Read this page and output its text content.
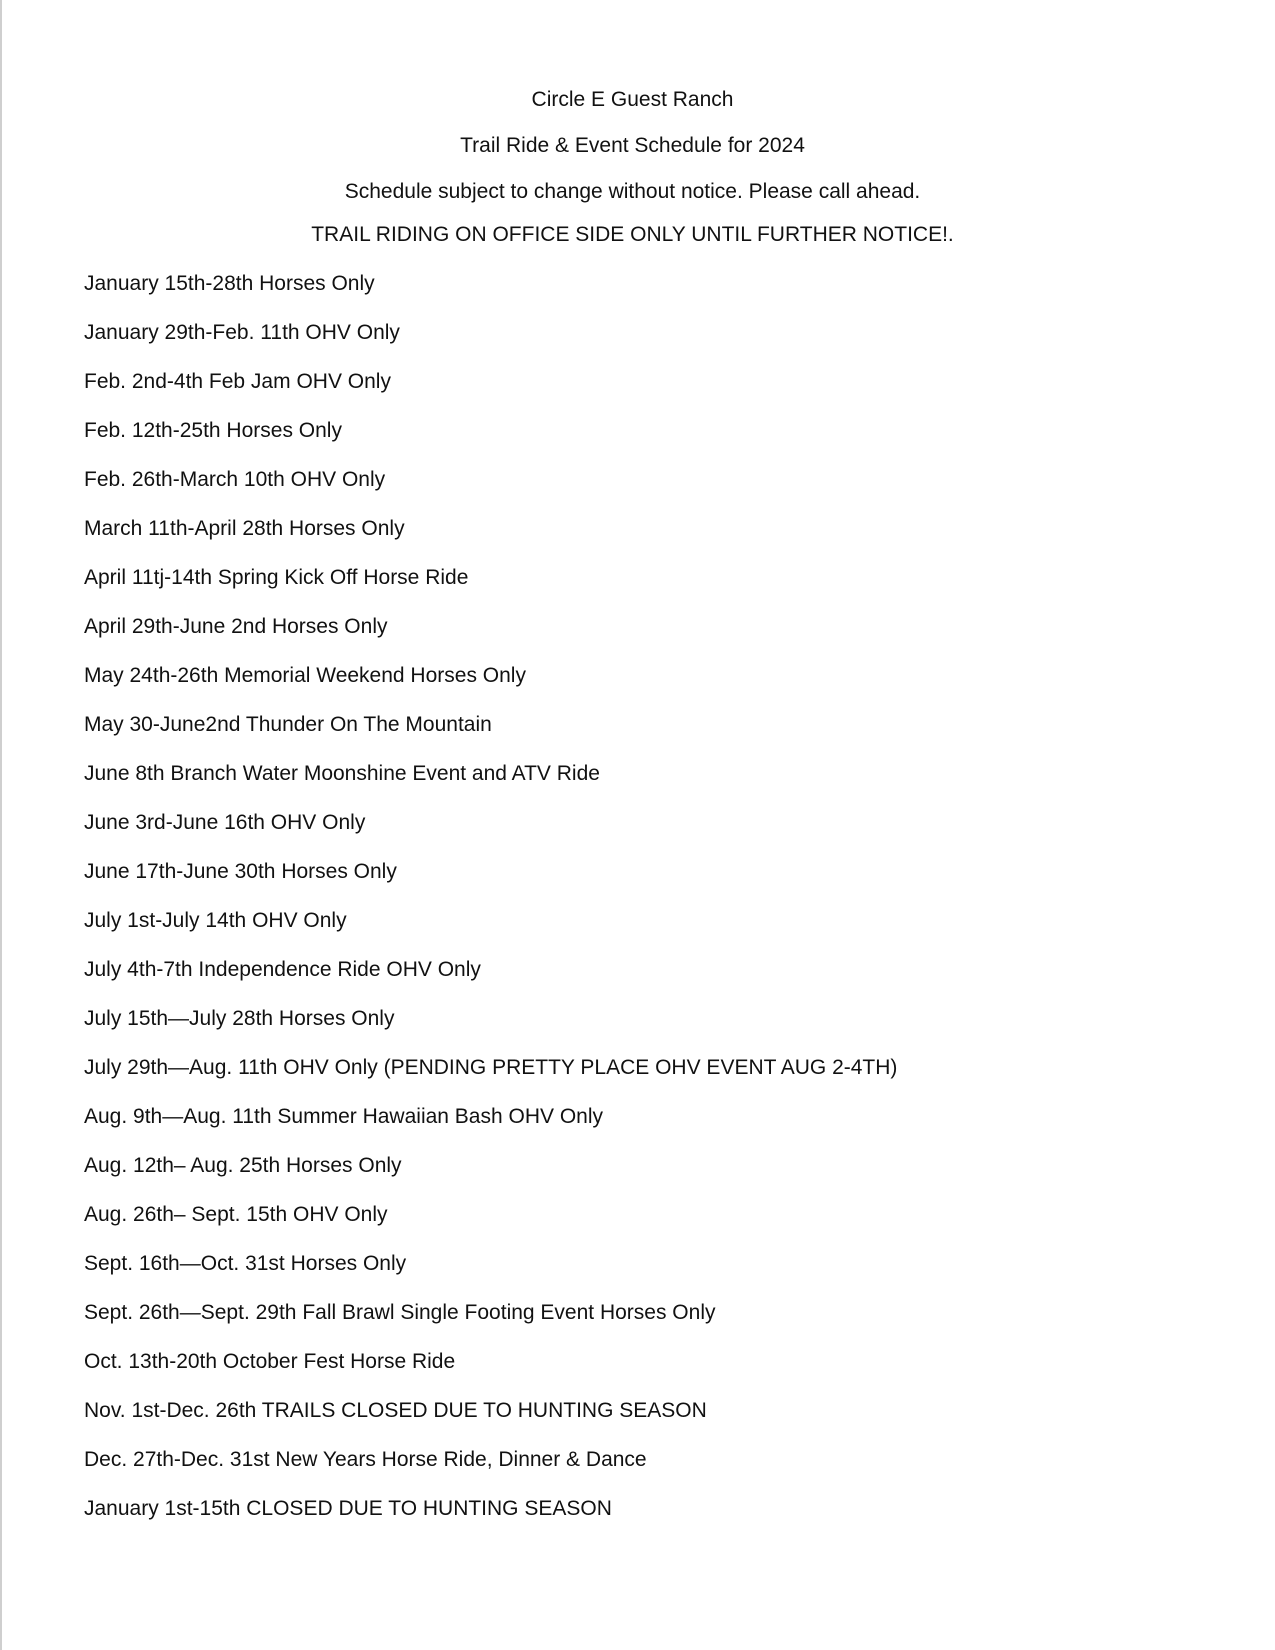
Circle E Guest Ranch
Trail Ride & Event Schedule for 2024
Schedule subject to change without notice. Please call ahead.
TRAIL RIDING ON OFFICE SIDE ONLY UNTIL FURTHER NOTICE!.
January 15th-28th Horses Only
January 29th-Feb. 11th OHV Only
Feb. 2nd-4th Feb Jam OHV Only
Feb. 12th-25th Horses Only
Feb. 26th-March 10th OHV Only
March 11th-April 28th Horses Only
April 11tj-14th Spring Kick Off Horse Ride
April 29th-June 2nd Horses Only
May 24th-26th Memorial Weekend Horses Only
May 30-June2nd Thunder On The Mountain
June 8th Branch Water Moonshine Event and ATV Ride
June 3rd-June 16th OHV Only
June 17th-June 30th Horses Only
July 1st-July 14th OHV Only
July 4th-7th Independence Ride OHV Only
July 15th—July 28th Horses Only
July 29th—Aug. 11th OHV Only (PENDING PRETTY PLACE OHV EVENT AUG 2-4TH)
Aug. 9th—Aug. 11th Summer Hawaiian Bash OHV Only
Aug. 12th– Aug. 25th Horses Only
Aug. 26th– Sept. 15th OHV Only
Sept. 16th—Oct. 31st Horses Only
Sept. 26th—Sept. 29th Fall Brawl Single Footing Event Horses Only
Oct. 13th-20th October Fest Horse Ride
Nov. 1st-Dec. 26th TRAILS CLOSED DUE TO HUNTING SEASON
Dec. 27th-Dec. 31st New Years Horse Ride, Dinner & Dance
January 1st-15th CLOSED DUE TO HUNTING SEASON
